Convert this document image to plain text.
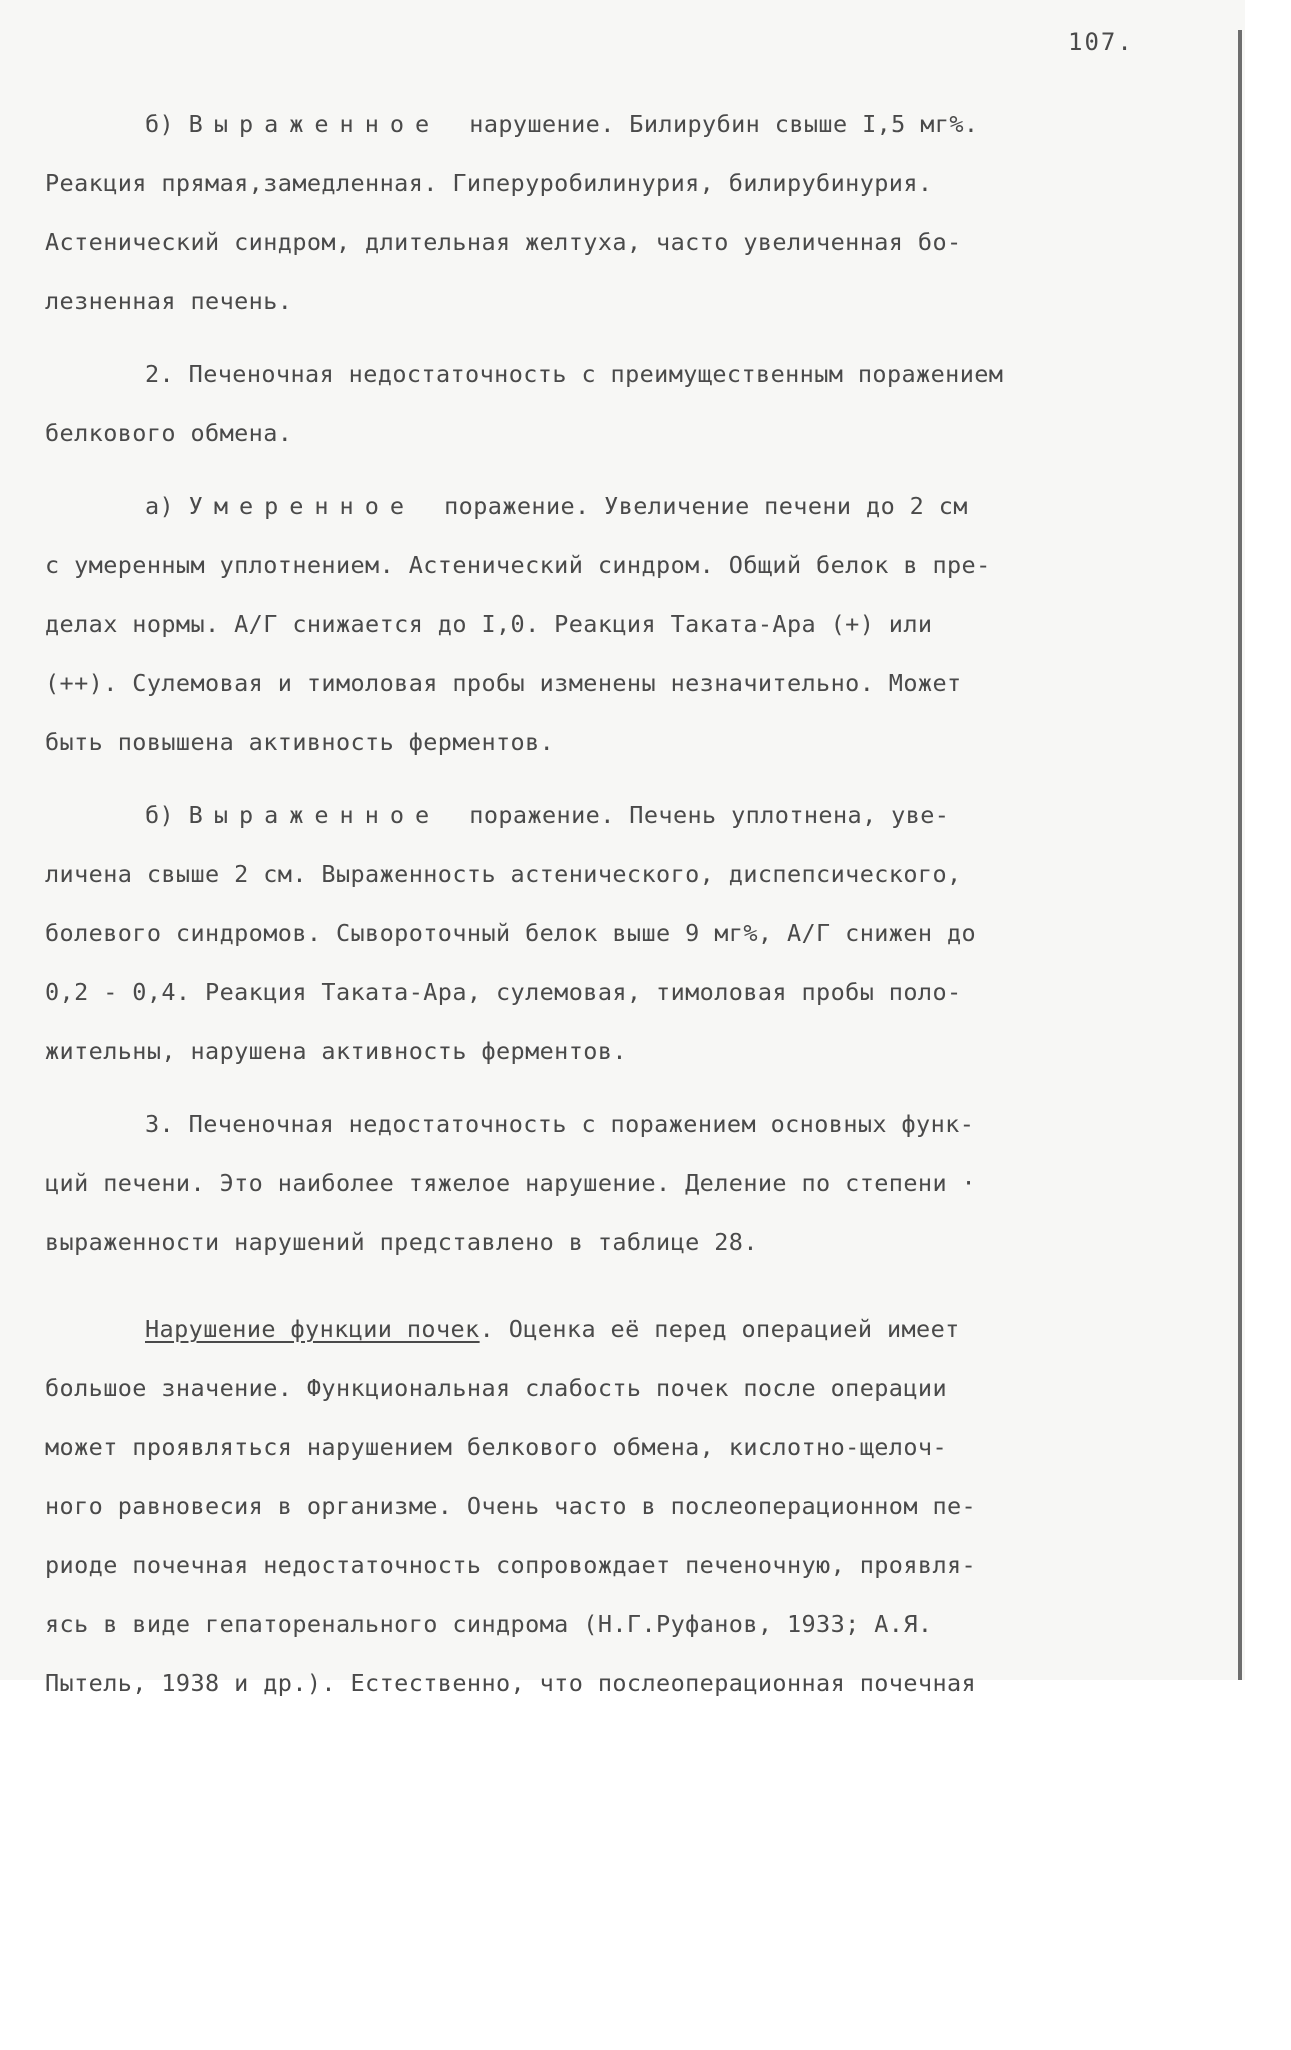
107.
б) Выраженное нарушение. Билирубин свыше I,5 мг%.
Реакция прямая,замедленная. Гиперуробилинурия, билирубинурия.
Астенический синдром, длительная желтуха, часто увеличенная бо-
лезненная печень.
2. Печеночная недостаточность с преимущественным поражением
белкового обмена.
а) Умеренное поражение. Увеличение печени до 2 см
с умеренным уплотнением. Астенический синдром. Общий белок в пре-
делах нормы. А/Г снижается до I,0. Реакция Таката-Ара (+) или
(++). Сулемовая и тимоловая пробы изменены незначительно. Может
быть повышена активность ферментов.
б) Выраженное поражение. Печень уплотнена, уве-
личена свыше 2 см. Выраженность астенического, диспепсического,
болевого синдромов. Сывороточный белок выше 9 мг%, А/Г снижен до
0,2 - 0,4. Реакция Таката-Ара, сулемовая, тимоловая пробы поло-
жительны, нарушена активность ферментов.
3. Печеночная недостаточность с поражением основных функ-
ций печени. Это наиболее тяжелое нарушение. Деление по степени ·
выраженности нарушений представлено в таблице 28.
Нарушение функции почек. Оценка её перед операцией имеет
большое значение. Функциональная слабость почек после операции
может проявляться нарушением белкового обмена, кислотно-щелоч-
ного равновесия в организме. Очень часто в послеоперационном пе-
риоде почечная недостаточность сопровождает печеночную, проявля-
ясь в виде гепаторенального синдрома (Н.Г.Руфанов, 1933; А.Я.
Пытель, 1938 и др.). Естественно, что послеоперационная почечная
